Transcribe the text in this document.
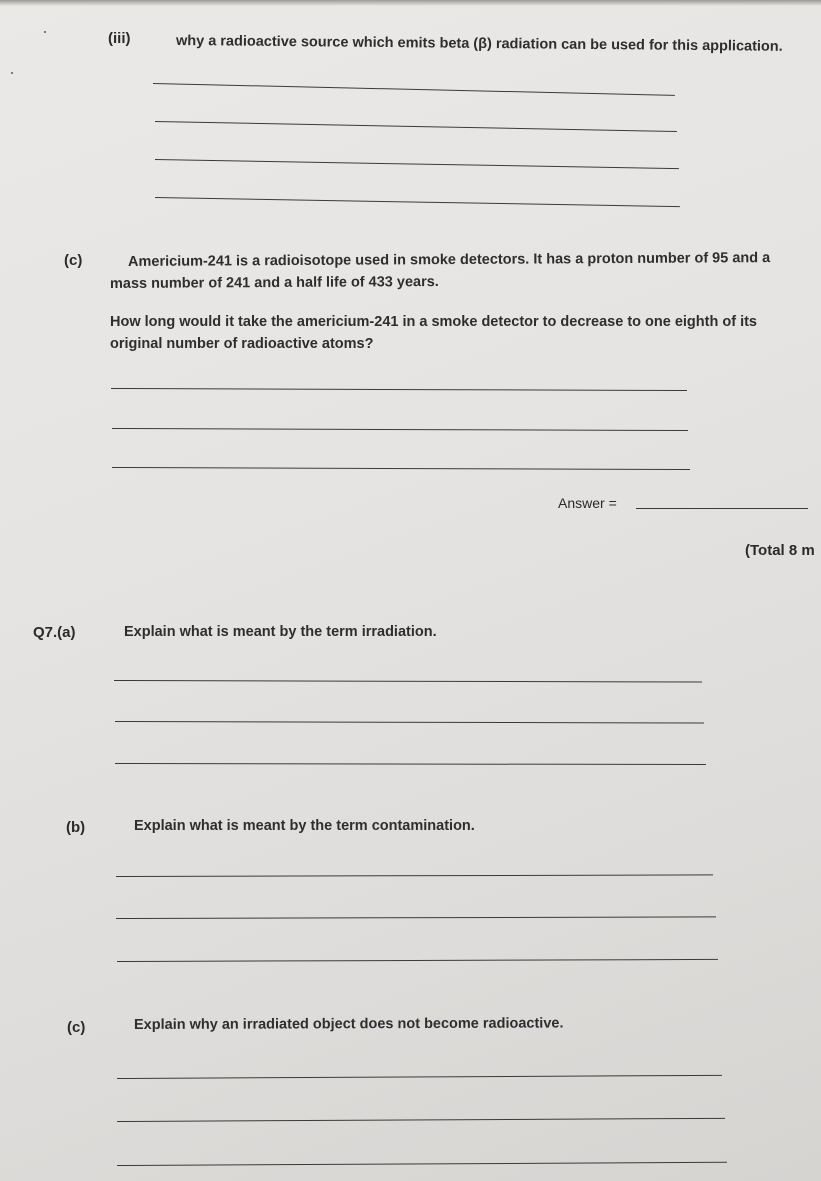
(iii)	why a radioactive source which emits beta (β) radiation can be used for this application.
(c)	Americium-241 is a radioisotope used in smoke detectors. It has a proton number of 95 and a
mass number of 241 and a half life of 433 years.
How long would it take the americium-241 in a smoke detector to decrease to one eighth of its
original number of radioactive atoms?
Answer =
(Total 8 m
Q7.(a)	Explain what is meant by the term irradiation.
(b)	Explain what is meant by the term contamination.
(c)	Explain why an irradiated object does not become radioactive.
